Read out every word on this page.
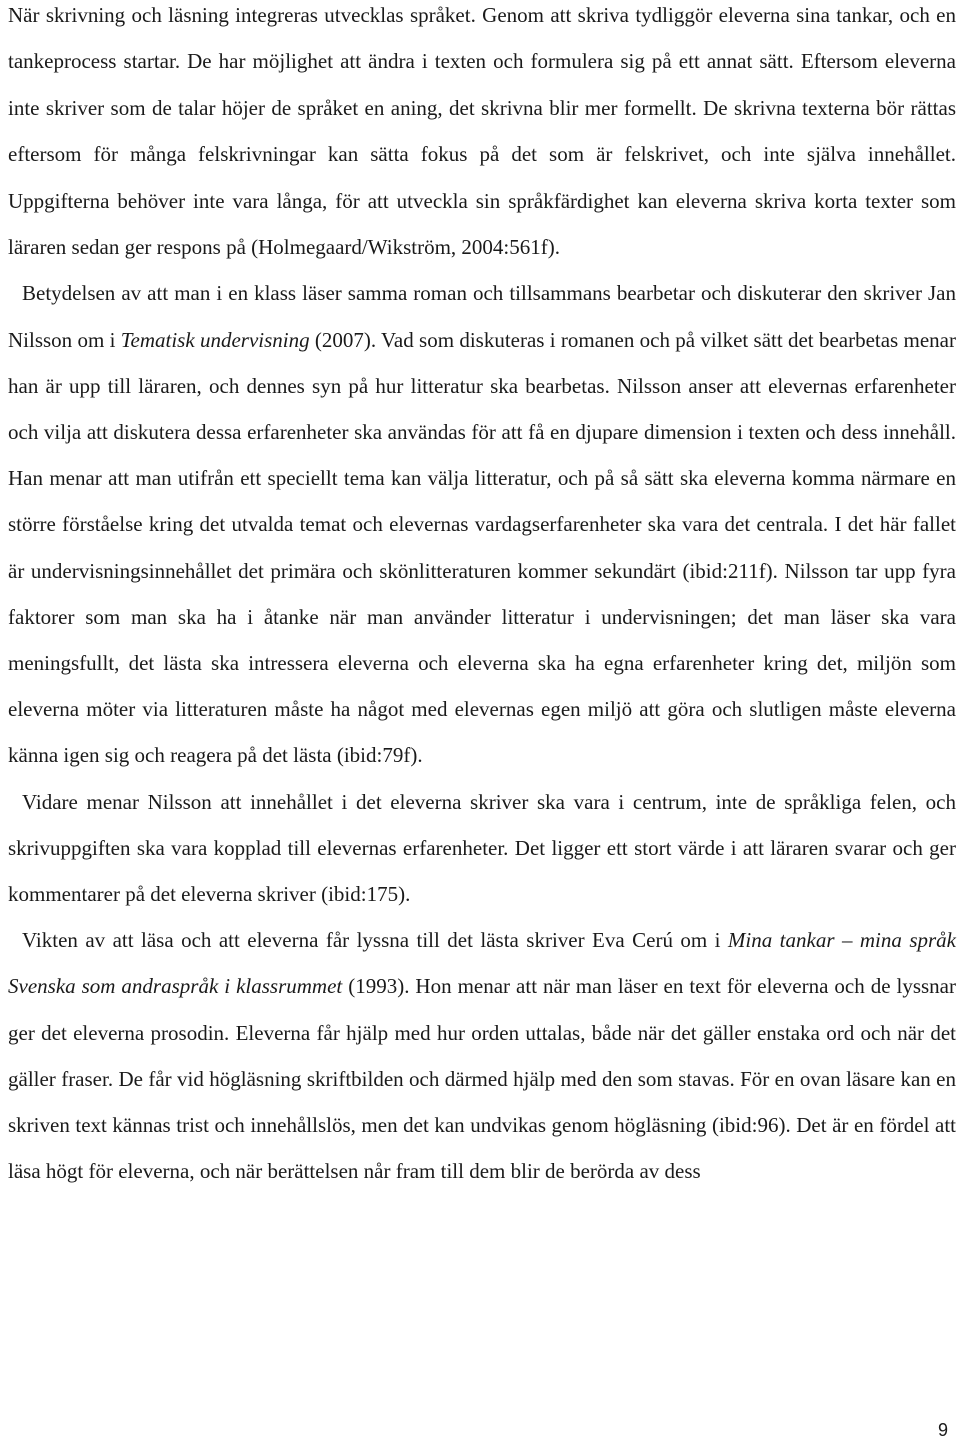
När skrivning och läsning integreras utvecklas språket. Genom att skriva tydliggör eleverna sina tankar, och en tankeprocess startar. De har möjlighet att ändra i texten och formulera sig på ett annat sätt. Eftersom eleverna inte skriver som de talar höjer de språket en aning, det skrivna blir mer formellt. De skrivna texterna bör rättas eftersom för många felskrivningar kan sätta fokus på det som är felskrivet, och inte själva innehållet. Uppgifterna behöver inte vara långa, för att utveckla sin språkfärdighet kan eleverna skriva korta texter som läraren sedan ger respons på (Holmegaard/Wikström, 2004:561f).

Betydelsen av att man i en klass läser samma roman och tillsammans bearbetar och diskuterar den skriver Jan Nilsson om i Tematisk undervisning (2007). Vad som diskuteras i romanen och på vilket sätt det bearbetas menar han är upp till läraren, och dennes syn på hur litteratur ska bearbetas. Nilsson anser att elevernas erfarenheter och vilja att diskutera dessa erfarenheter ska användas för att få en djupare dimension i texten och dess innehåll. Han menar att man utifrån ett speciellt tema kan välja litteratur, och på så sätt ska eleverna komma närmare en större förståelse kring det utvalda temat och elevernas vardagserfarenheter ska vara det centrala. I det här fallet är undervisningsinnehållet det primära och skönlitteraturen kommer sekundärt (ibid:211f). Nilsson tar upp fyra faktorer som man ska ha i åtanke när man använder litteratur i undervisningen; det man läser ska vara meningsfullt, det lästa ska intressera eleverna och eleverna ska ha egna erfarenheter kring det, miljön som eleverna möter via litteraturen måste ha något med elevernas egen miljö att göra och slutligen måste eleverna känna igen sig och reagera på det lästa (ibid:79f).

Vidare menar Nilsson att innehållet i det eleverna skriver ska vara i centrum, inte de språkliga felen, och skrivuppgiften ska vara kopplad till elevernas erfarenheter. Det ligger ett stort värde i att läraren svarar och ger kommentarer på det eleverna skriver (ibid:175).

Vikten av att läsa och att eleverna får lyssna till det lästa skriver Eva Cerú om i Mina tankar – mina språk Svenska som andraspråk i klassrummet (1993). Hon menar att när man läser en text för eleverna och de lyssnar ger det eleverna prosodin. Eleverna får hjälp med hur orden uttalas, både när det gäller enstaka ord och när det gäller fraser. De får vid högläsning skriftbilden och därmed hjälp med den som stavas. För en ovan läsare kan en skriven text kännas trist och innehållslös, men det kan undvikas genom högläsning (ibid:96). Det är en fördel att läsa högt för eleverna, och när berättelsen når fram till dem blir de berörda av dess

9
